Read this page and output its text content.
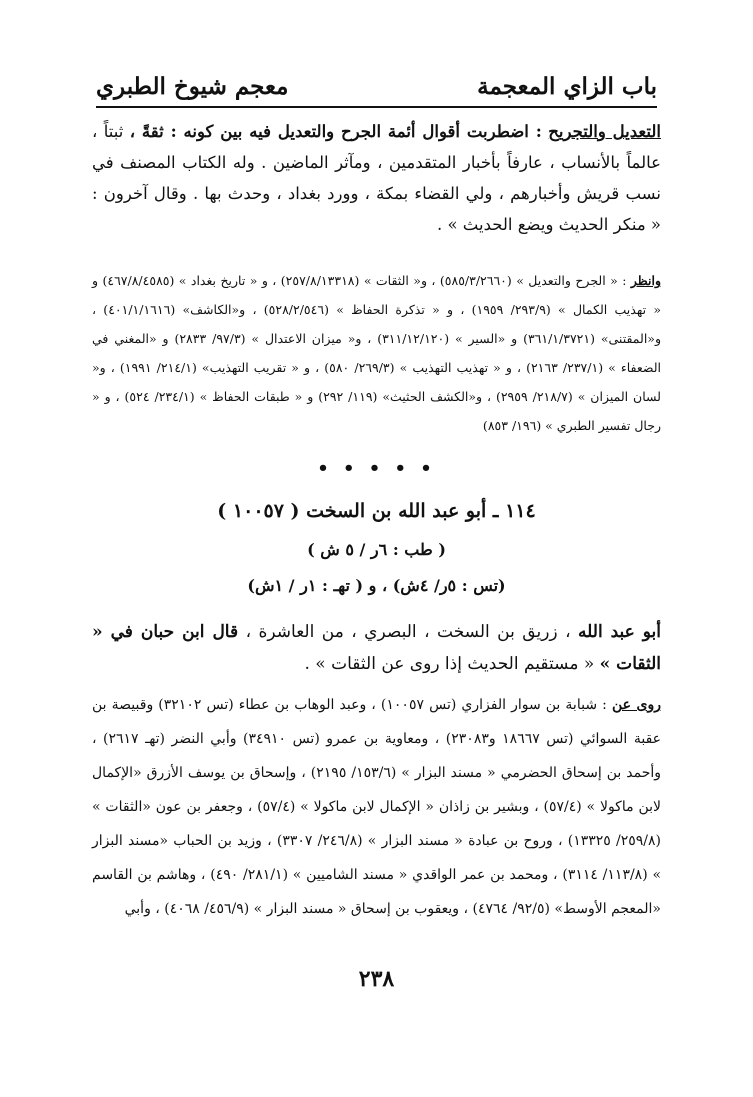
باب الزاي المعجمة
معجم شيوخ الطبري
التعديل والتجريح : اضطربت أقوال أئمة الجرح والتعديل فيه بين كونه : ثقةً ، ثبتاً ، عالماً بالأنساب ، عارفاً بأخبار المتقدمين ، ومآثر الماضين . وله الكتاب المصنف في نسب قريش وأخبارهم ، ولي القضاء بمكة ، وورد بغداد ، وحدث بها . وقال آخرون : « منكر الحديث ويضع الحديث » .
وانظر : « الجرح والتعديل » (٥٨٥/٣/٢٦٦٠) ، و« الثقات » (٢٥٧/٨/١٣٣١٨) ، و « تاريخ بغداد » (٤٦٧/٨/٤٥٨٥) و « تهذيب الكمال » (٢٩٣/٩/ ١٩٥٩) ، و « تذكرة الحفاظ » (٥٢٨/٢/٥٤٦) ، و«الكاشف» (٤٠١/١/١٦١٦) ، و«المقتنى» (٣٦١/١/٣٧٢١) و «السير » (٣١١/١٢/١٢٠) ، و« ميزان الاعتدال » (٩٧/٣/ ٢٨٣٣) و «المغني في الضعفاء » (٢٣٧/١/ ٢١٦٣) ، و « تهذيب التهذيب » (٢٦٩/٣/ ٥٨٠) ، و « تقريب التهذيب» (٢١٤/١/ ١٩٩١) ، و« لسان الميزان » (٢١٨/٧/ ٢٩٥٩) ، و«الكشف الحثيث» (١١٩/ ٢٩٢) و « طبقات الحفاظ » (٢٣٤/١/ ٥٢٤) ، و « رجال تفسير الطبري » (١٩٦/ ٨٥٣)
• • • • •
١١٤ ـ أبو عبد الله بن السخت ( ١٠٠٥٧ )
( طب : ٦ر / ٥ ش )
(تس : ٥ر/ ٤ش) ، و ( تهـ : ١ر / ١ش)
أبو عبد الله ، زريق بن السخت ، البصري ، من العاشرة ، قال ابن حبان في « الثقات » « مستقيم الحديث إذا روى عن الثقات » .
روى عن : شبابة بن سوار الفزاري (تس ١٠٠٥٧) ، وعبد الوهاب بن عطاء (تس ٣٢١٠٢) وقبيصة بن عقبة السوائي (تس ١٨٦٦٧ و٢٣٠٨٣) ، ومعاوية بن عمرو (تس ٣٤٩١٠) وأبي النضر (تهـ ٢٦١٧) ، وأحمد بن إسحاق الحضرمي « مسند البزار » (١٥٣/٦/ ٢١٩٥) ، وإسحاق بن يوسف الأزرق «الإكمال لابن ماكولا » (٥٧/٤) ، وبشير بن زاذان « الإكمال لابن ماكولا » (٥٧/٤) ، وجعفر بن عون «الثقات » (٢٥٩/٨/ ١٣٣٢٥) ، وروح بن عبادة « مسند البزار » (٢٤٦/٨/ ٣٣٠٧) ، وزيد بن الحباب «مسند البزار » (١١٣/٨/ ٣١١٤) ، ومحمد بن عمر الواقدي « مسند الشاميين » (٢٨١/١/ ٤٩٠) ، وهاشم بن القاسم «المعجم الأوسط» (٩٢/٥/ ٤٧٦٤) ، ويعقوب بن إسحاق « مسند البزار » (٤٥٦/٩/ ٤٠٦٨) ، وأبي
٢٣٨
